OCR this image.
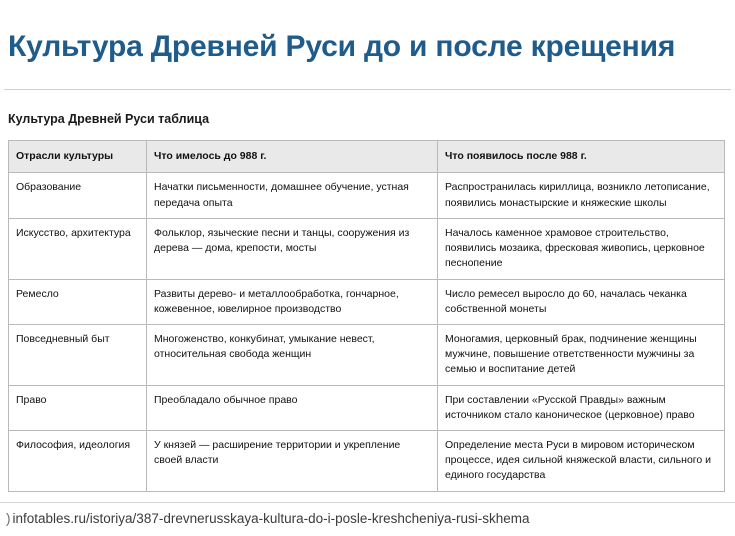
Культура Древней Руси до и после крещения
Культура Древней Руси таблица
Отрасли культуры	Что имелось до 988 г.	Что появилось после 988 г.
Образование	Начатки письменности, домашнее обучение, устная передача опыта	Распространилась кириллица, возникло летописание, появились монастырские и княжеские школы
Искусство, архитектура	Фольклор, языческие песни и танцы, сооружения из дерева — дома, крепости, мосты	Началось каменное храмовое строительство, появились мозаика, фресковая живопись, церковное песнопение
Ремесло	Развиты дерево- и металлообработка, гончарное, кожевенное, ювелирное производство	Число ремесел выросло до 60, началась чеканка собственной монеты
Повседневный быт	Многоженство, конкубинат, умыкание невест, относительная свобода женщин	Моногамия, церковный брак, подчинение женщины мужчине, повышение ответственности мужчины за семью и воспитание детей
Право	Преобладало обычное право	При составлении «Русской Правды» важным источником стало каноническое (церковное) право
Философия, идеология	У князей — расширение территории и укрепление своей власти	Определение места Руси в мировом историческом процессе, идея сильной княжеской власти, сильного и единого государства
) infotables.ru/istoriya/387-drevnerusskaya-kultura-do-i-posle-kreshcheniya-rusi-skhema
